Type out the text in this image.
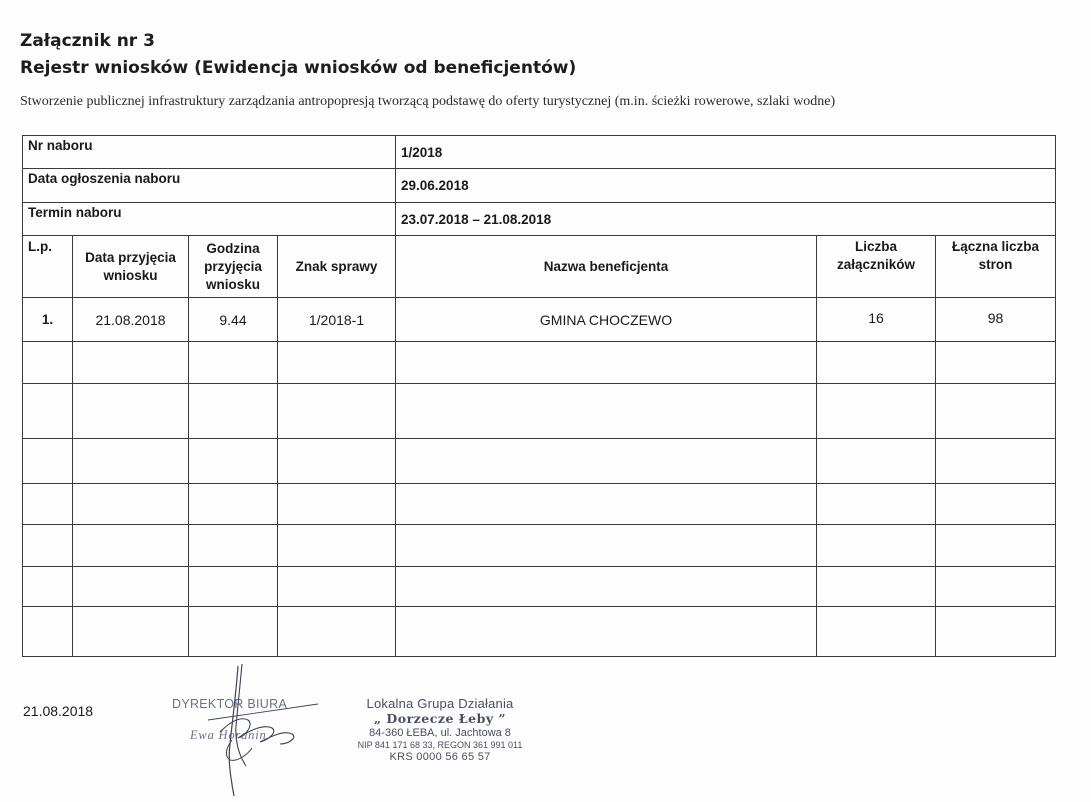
Załącznik nr 3
Rejestr wniosków (Ewidencja wniosków od beneficjentów)
Stworzenie publicznej infrastruktury zarządzania antropopresją tworzącą podstawę do oferty turystycznej (m.in. ścieżki rowerowe, szlaki wodne)
Nr naboru				1/2018		
Data ogłoszenia naboru				29.06.2018		
Termin naboru				23.07.2018 – 21.08.2018		
L.p.	Data przyjęcia wniosku	Godzina przyjęcia wniosku	Znak sprawy	Nazwa beneficjenta	Liczba załączników	Łączna liczba stron
1.	21.08.2018	9.44	1/2018-1	GMINA CHOCZEWO	16	98

21.08.2018	DYREKTOR BIURA
Ewa Horanin
Lokalna Grupa Działania
„ Dorzecze Łeby ”
84-360 ŁEBA, ul. Jachtowa 8
NIP 841 171 68 33, REGON 361 991 011
KRS 0000 56 65 57
